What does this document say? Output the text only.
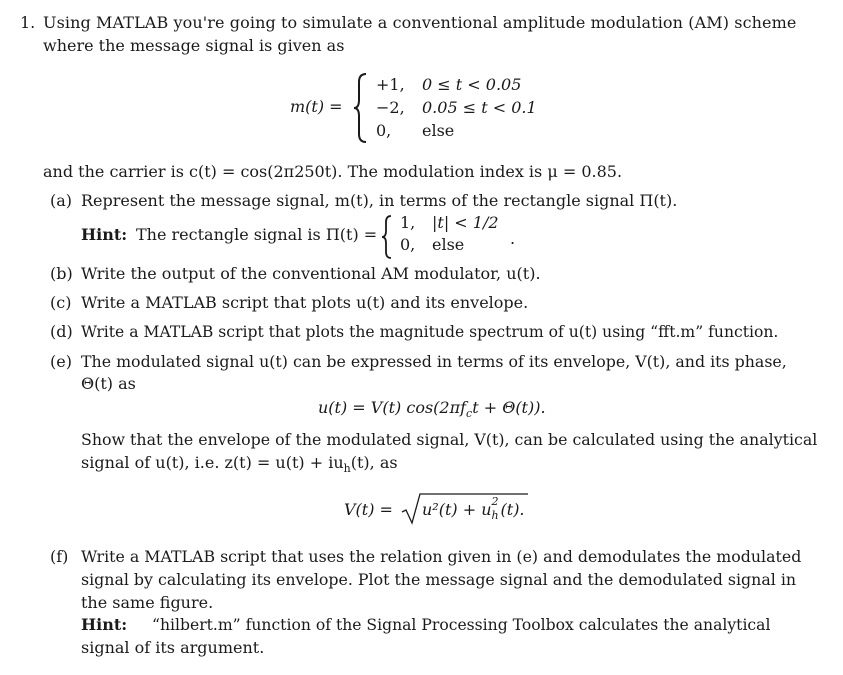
1. Using MATLAB you're going to simulate a conventional amplitude modulation (AM) scheme
where the message signal is given as
m(t) =
+1, 0 ≤ t < 0.05
−2, 0.05 ≤ t < 0.1
0, else
and the carrier is c(t) = cos(2π250t). The modulation index is μ = 0.85.
(a) Represent the message signal, m(t), in terms of the rectangle signal Π(t).
Hint: The rectangle signal is Π(t) =
1, |t| < 1/2
0, else	.
(b) Write the output of the conventional AM modulator, u(t).
(c) Write a MATLAB script that plots u(t) and its envelope.
(d) Write a MATLAB script that plots the magnitude spectrum of u(t) using “fft.m” function.
(e) The modulated signal u(t) can be expressed in terms of its envelope, V(t), and its phase,
Θ(t) as
u(t) = V(t) $\cos(2\pi f_ct + \Theta(t))$.
Show that the envelope of the modulated signal, V(t), can be calculated using the analytical
signal of u(t), i.e. $z(t) = u(t) + iu_h(t)$, as
V(t) = u²(t) + u 2
h (t).
(f) Write a MATLAB script that uses the relation given in (e) and demodulates the modulated
signal by calculating its envelope. Plot the message signal and the demodulated signal in
the same figure.
Hint: “hilbert.m” function of the Signal Processing Toolbox calculates the analytical
signal of its argument.
